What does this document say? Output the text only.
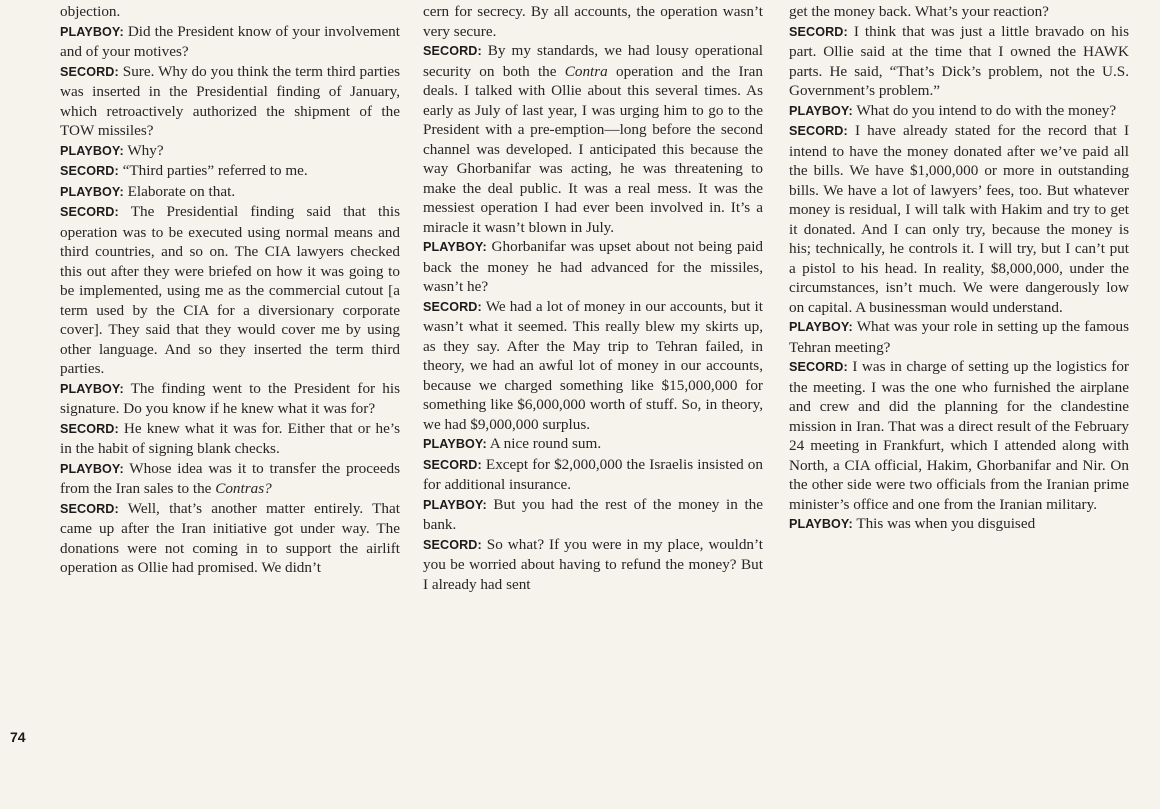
objection.

PLAYBOY: Did the President know of your involvement and of your motives?

SECORD: Sure. Why do you think the term third parties was inserted in the Presidential finding of January, which retroactively authorized the shipment of the TOW missiles?

PLAYBOY: Why?

SECORD: “Third parties” referred to me.

PLAYBOY: Elaborate on that.

SECORD: The Presidential finding said that this operation was to be executed using normal means and third countries, and so on. The CIA lawyers checked this out after they were briefed on how it was going to be implemented, using me as the commercial cutout [a term used by the CIA for a diversionary corporate cover]. They said that they would cover me by using other language. And so they inserted the term third parties.

PLAYBOY: The finding went to the President for his signature. Do you know if he knew what it was for?

SECORD: He knew what it was for. Either that or he’s in the habit of signing blank checks.

PLAYBOY: Whose idea was it to transfer the proceeds from the Iran sales to the Contras?

SECORD: Well, that’s another matter entirely. That came up after the Iran initiative got under way. The donations were not coming in to support the airlift operation as Ollie had promised. We didn’t

cern for secrecy. By all accounts, the operation wasn’t very secure.

SECORD: By my standards, we had lousy operational security on both the Contra operation and the Iran deals. I talked with Ollie about this several times. As early as July of last year, I was urging him to go to the President with a pre-emption—long before the second channel was developed. I anticipated this because the way Ghorbanifar was acting, he was threatening to make the deal public. It was a real mess. It was the messiest operation I had ever been involved in. It’s a miracle it wasn’t blown in July.

PLAYBOY: Ghorbanifar was upset about not being paid back the money he had advanced for the missiles, wasn’t he?

SECORD: We had a lot of money in our accounts, but it wasn’t what it seemed. This really blew my skirts up, as they say. After the May trip to Tehran failed, in theory, we had an awful lot of money in our accounts, because we charged something like $15,000,000 for something like $6,000,000 worth of stuff. So, in theory, we had $9,000,000 surplus.

PLAYBOY: A nice round sum.

SECORD: Except for $2,000,000 the Israelis insisted on for additional insurance.

PLAYBOY: But you had the rest of the money in the bank.

SECORD: So what? If you were in my place, wouldn’t you be worried about having to refund the money? But I already had sent

get the money back. What’s your reaction?

SECORD: I think that was just a little bravado on his part. Ollie said at the time that I owned the HAWK parts. He said, “That’s Dick’s problem, not the U.S. Government’s problem.”

PLAYBOY: What do you intend to do with the money?

SECORD: I have already stated for the record that I intend to have the money donated after we’ve paid all the bills. We have $1,000,000 or more in outstanding bills. We have a lot of lawyers’ fees, too. But whatever money is residual, I will talk with Hakim and try to get it donated. And I can only try, because the money is his; technically, he controls it. I will try, but I can’t put a pistol to his head. In reality, $8,000,000, under the circumstances, isn’t much. We were dangerously low on capital. A businessman would understand.

PLAYBOY: What was your role in setting up the famous Tehran meeting?

SECORD: I was in charge of setting up the logistics for the meeting. I was the one who furnished the airplane and crew and did the planning for the clandestine mission in Iran. That was a direct result of the February 24 meeting in Frankfurt, which I attended along with North, a CIA official, Hakim, Ghorbanifar and Nir. On the other side were two officials from the Iranian prime minister’s office and one from the Iranian military.

PLAYBOY: This was when you disguised

74
